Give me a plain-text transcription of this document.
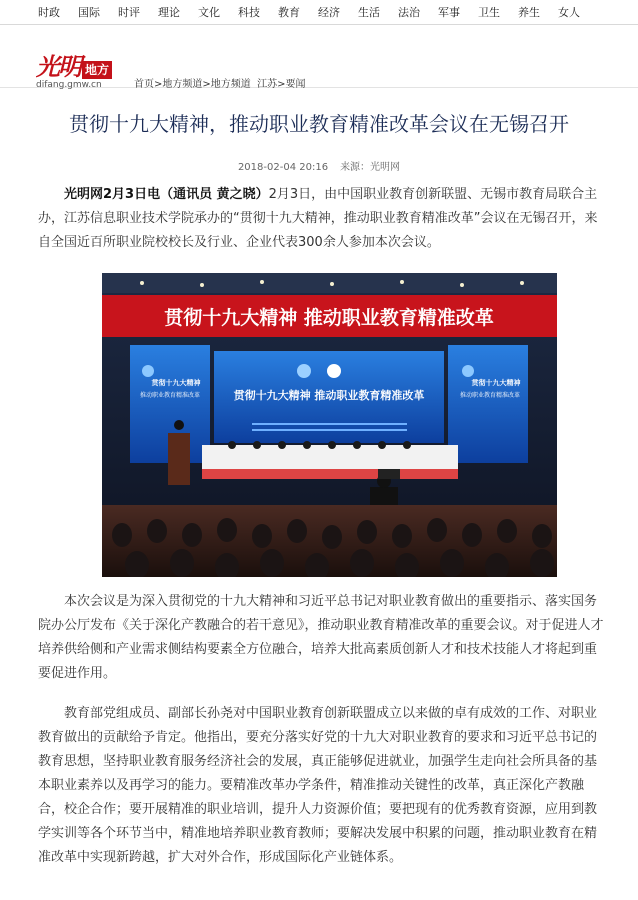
时政	国际	时评	理论	文化	科技	教育	经济	生活	法治	军事	卫生	养生	女人
光明 地方
difang.gmw.cn	首页>地方频道>地方频道 江苏>要闻
贯彻十九大精神，推动职业教育精准改革会议在无锡召开
2018-02-04 20:16 来源：光明网

光明网2月3日电（通讯员 黄之晓）2月3日，由中国职业教育创新联盟、无锡市教育局联合主办，江苏信息职业技术学院承办的“贯彻十九大精神，推动职业教育精准改革”会议在无锡召开，来自全国近百所职业院校校长及行业、企业代表300余人参加本次会议。

贯彻十九大精神 推动职业教育精准改革
贯彻十九大精神
推动职业教育精准改革
贯彻十九大精神
推动职业教育精准改革
贯彻十九大精神 推动职业教育精准改革

本次会议是为深入贯彻党的十九大精神和习近平总书记对职业教育做出的重要指示、落实国务院办公厅发布《关于深化产教融合的若干意见》，推动职业教育精准改革的重要会议。对于促进人才培养供给侧和产业需求侧结构要素全方位融合，培养大批高素质创新人才和技术技能人才将起到重要促进作用。

教育部党组成员、副部长孙尧对中国职业教育创新联盟成立以来做的卓有成效的工作、对职业教育做出的贡献给予肯定。他指出，要充分落实好党的十九大对职业教育的要求和习近平总书记的教育思想，坚持职业教育服务经济社会的发展，真正能够促进就业，加强学生走向社会所具备的基本职业素养以及再学习的能力。要精准改革办学条件，精准推动关键性的改革，真正深化产教融合，校企合作；要开展精准的职业培训，提升人力资源价值；要把现有的优秀教育资源，应用到教学实训等各个环节当中，精准地培养职业教育教师；要解决发展中积累的问题，推动职业教育在精准改革中实现新跨越，扩大对外合作，形成国际化产业链体系。
